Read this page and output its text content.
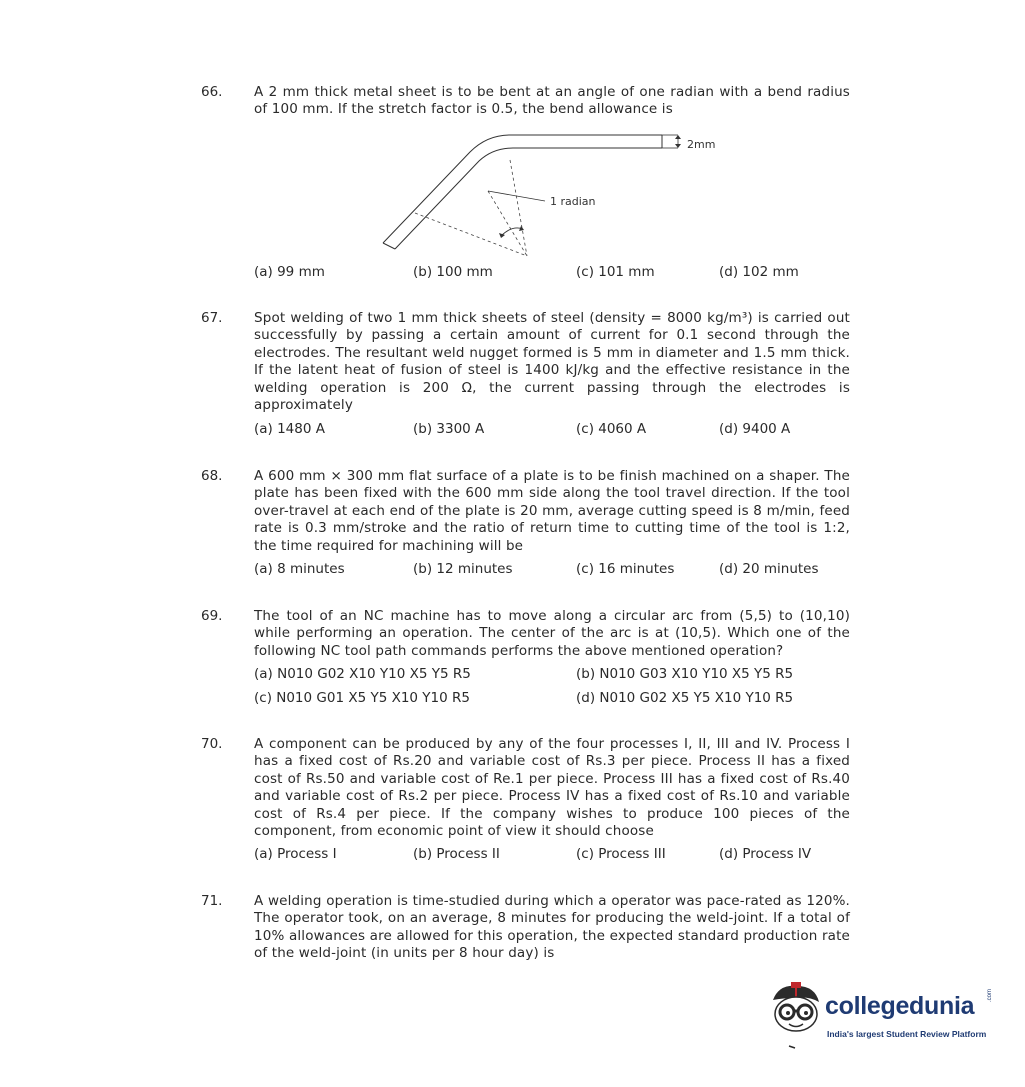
66. A 2 mm thick metal sheet is to be bent at an angle of one radian with a bend radius of 100 mm. If the stretch factor is 0.5, the bend allowance is
2mm
1 radian
(a) 99 mm	(b) 100 mm	(c) 101 mm	(d) 102 mm
67. Spot welding of two 1 mm thick sheets of steel (density = 8000 kg/m³) is carried out successfully by passing a certain amount of current for 0.1 second through the electrodes. The resultant weld nugget formed is 5 mm in diameter and 1.5 mm thick. If the latent heat of fusion of steel is 1400 kJ/kg and the effective resistance in the welding operation is 200 Ω, the current passing through the electrodes is approximately
(a) 1480 A	(b) 3300 A	(c) 4060 A	(d) 9400 A
68. A 600 mm × 300 mm flat surface of a plate is to be finish machined on a shaper. The plate has been fixed with the 600 mm side along the tool travel direction. If the tool over-travel at each end of the plate is 20 mm, average cutting speed is 8 m/min, feed rate is 0.3 mm/stroke and the ratio of return time to cutting time of the tool is 1:2, the time required for machining will be
(a) 8 minutes	(b) 12 minutes	(c) 16 minutes	(d) 20 minutes
69. The tool of an NC machine has to move along a circular arc from (5,5) to (10,10) while performing an operation. The center of the arc is at (10,5). Which one of the following NC tool path commands performs the above mentioned operation?
(a) N010 G02 X10 Y10 X5 Y5 R5	(b) N010 G03 X10 Y10 X5 Y5 R5
(c) N010 G01 X5 Y5 X10 Y10 R5	(d) N010 G02 X5 Y5 X10 Y10 R5
70. A component can be produced by any of the four processes I, II, III and IV. Process I has a fixed cost of Rs.20 and variable cost of Rs.3 per piece. Process II has a fixed cost of Rs.50 and variable cost of Re.1 per piece. Process III has a fixed cost of Rs.40 and variable cost of Rs.2 per piece. Process IV has a fixed cost of Rs.10 and variable cost of Rs.4 per piece. If the company wishes to produce 100 pieces of the component, from economic point of view it should choose
(a) Process I	(b) Process II	(c) Process III	(d) Process IV
71. A welding operation is time-studied during which a operator was pace-rated as 120%. The operator took, on an average, 8 minutes for producing the weld-joint. If a total of 10% allowances are allowed for this operation, the expected standard production rate of the weld-joint (in units per 8 hour day) is
collegedunia .com
India's largest Student Review Platform
